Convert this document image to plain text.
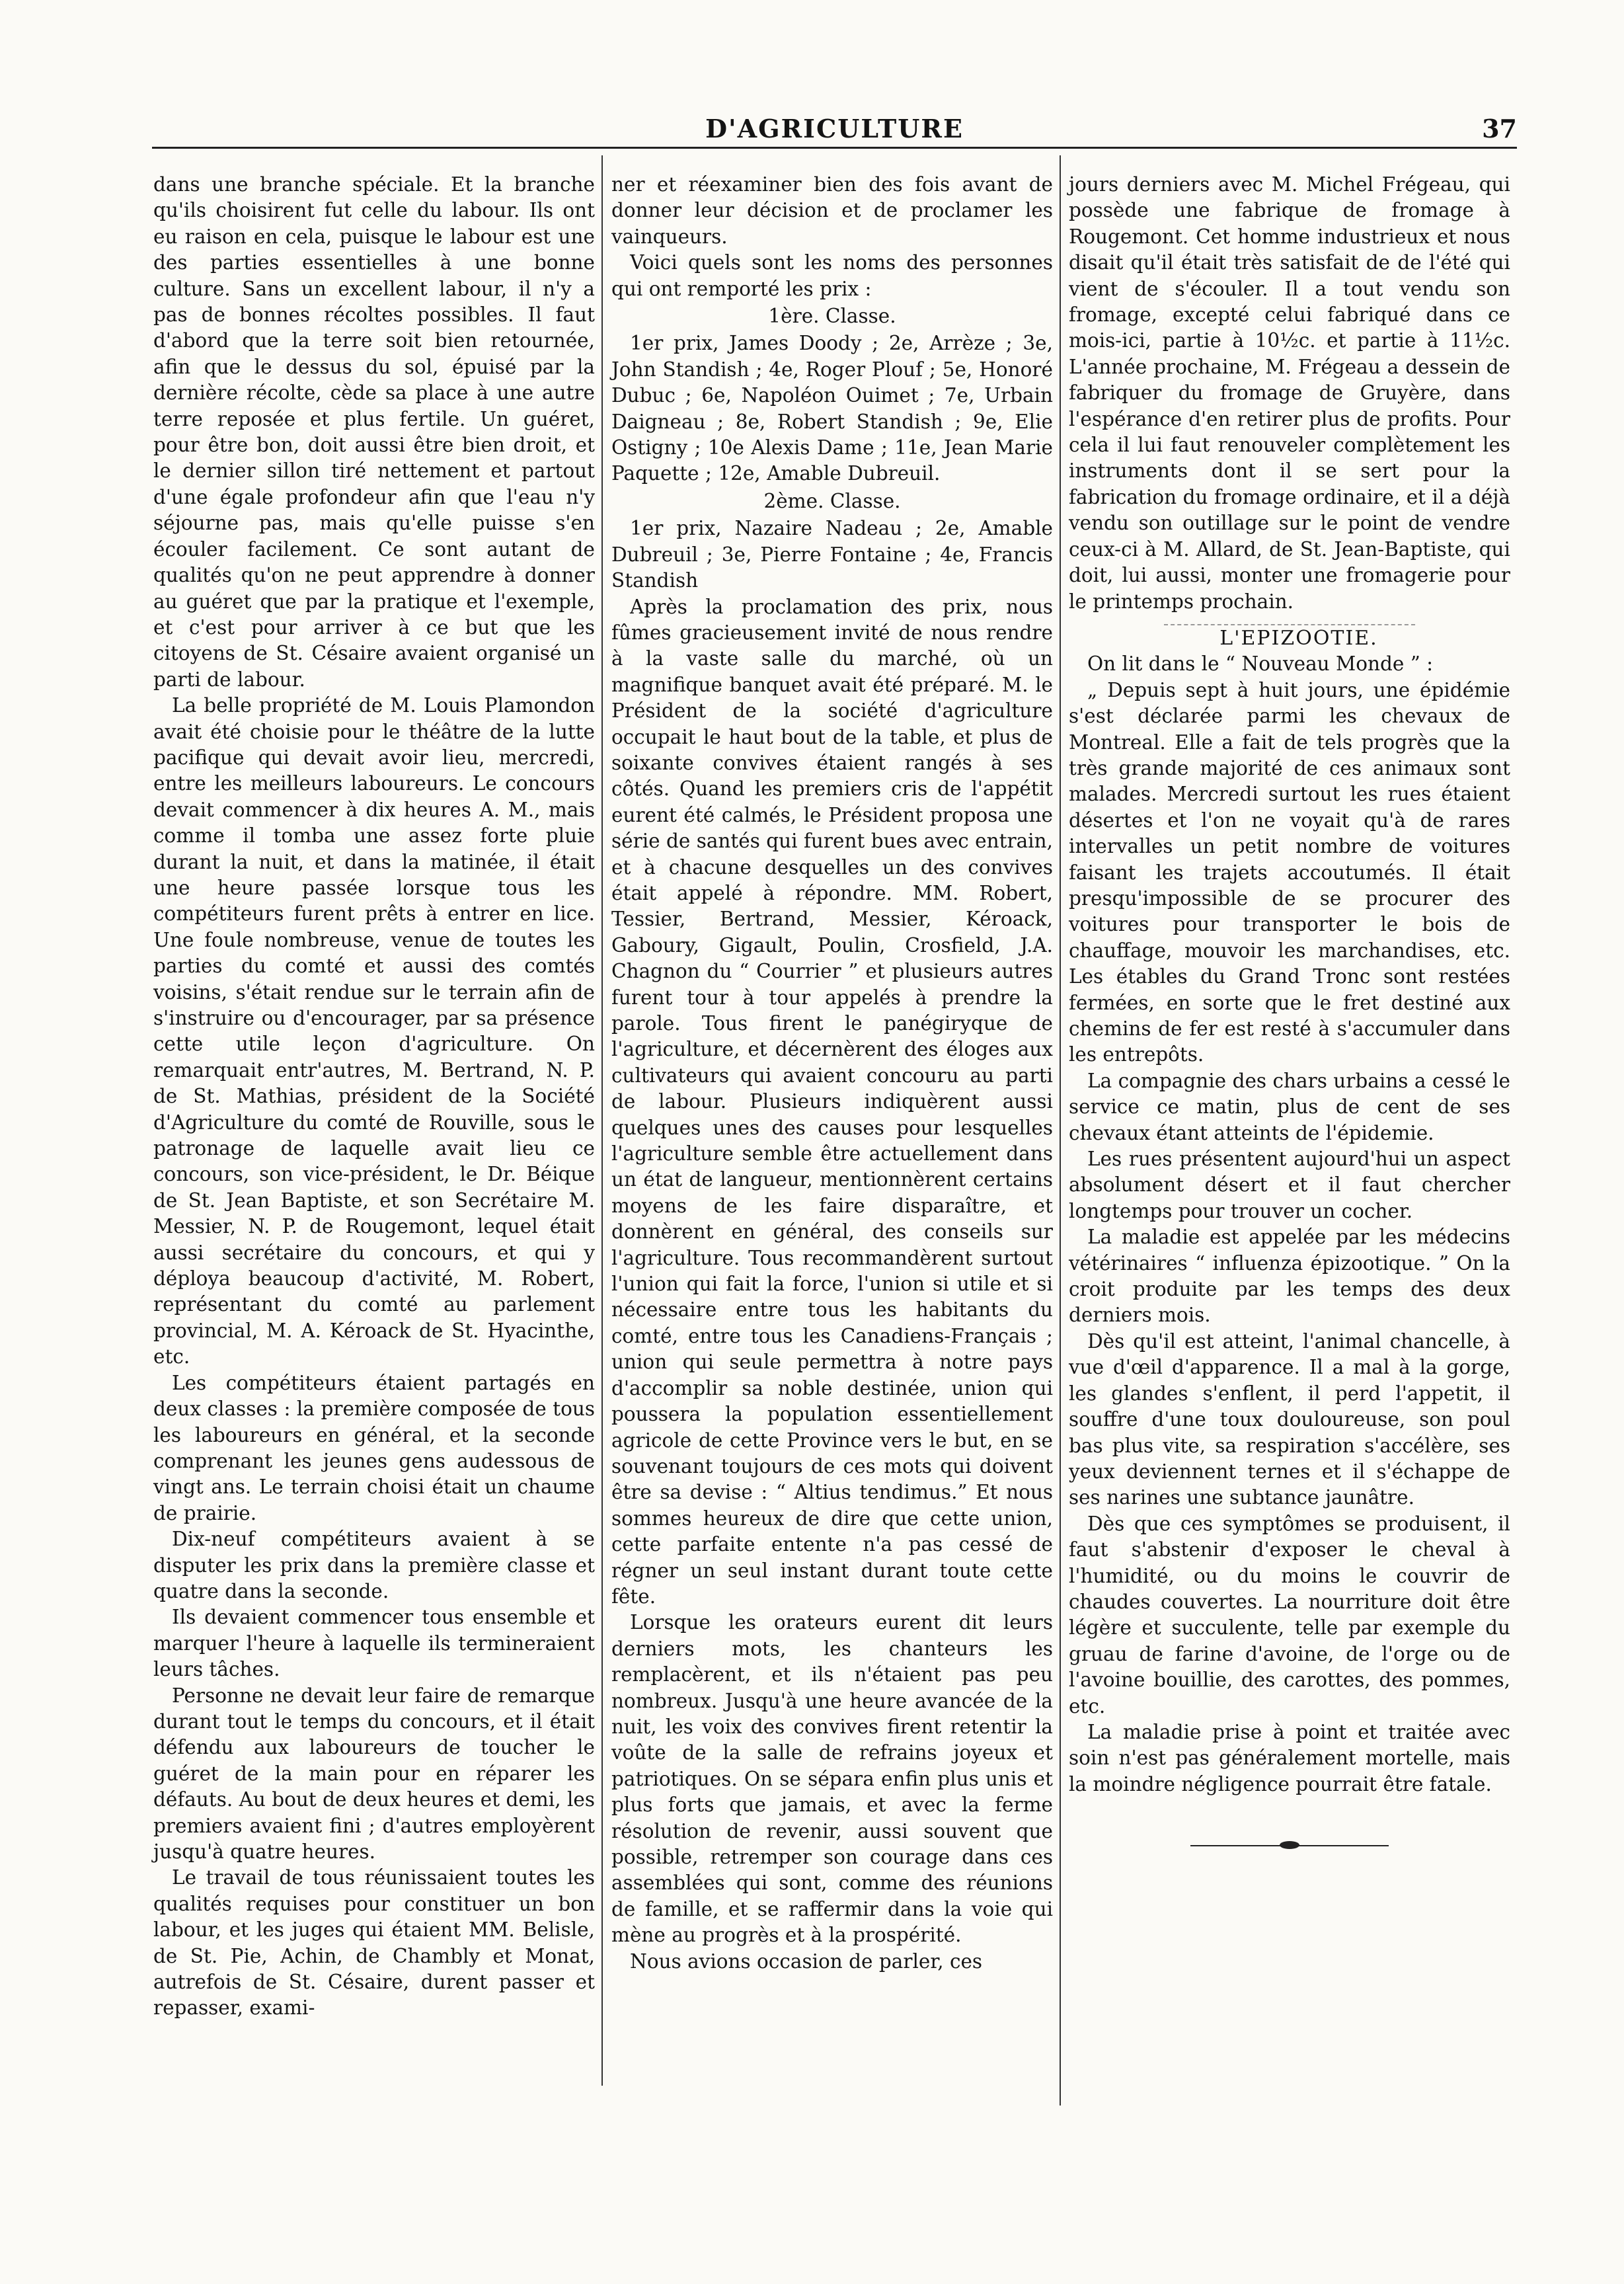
D'AGRICULTURE	37

dans une branche spéciale. Et la branche qu'ils choisirent fut celle du labour. Ils ont eu raison en cela, puisque le labour est une des parties essentielles à une bonne culture. Sans un excellent labour, il n'y a pas de bonnes récoltes possibles. Il faut d'abord que la terre soit bien retournée, afin que le dessus du sol, épuisé par la dernière récolte, cède sa place à une autre terre reposée et plus fertile. Un guéret, pour être bon, doit aussi être bien droit, et le dernier sillon tiré nettement et partout d'une égale profondeur afin que l'eau n'y séjourne pas, mais qu'elle puisse s'en écouler facilement. Ce sont autant de qualités qu'on ne peut apprendre à donner au guéret que par la pratique et l'exemple, et c'est pour arriver à ce but que les citoyens de St. Césaire avaient organisé un parti de labour.

La belle propriété de M. Louis Plamondon avait été choisie pour le théâtre de la lutte pacifique qui devait avoir lieu, mercredi, entre les meilleurs laboureurs. Le concours devait commencer à dix heures A. M., mais comme il tomba une assez forte pluie durant la nuit, et dans la matinée, il était une heure passée lorsque tous les compétiteurs furent prêts à entrer en lice. Une foule nombreuse, venue de toutes les parties du comté et aussi des comtés voisins, s'était rendue sur le terrain afin de s'instruire ou d'encourager, par sa présence cette utile leçon d'agriculture. On remarquait entr'autres, M. Bertrand, N. P. de St. Mathias, président de la Société d'Agriculture du comté de Rouville, sous le patronage de laquelle avait lieu ce concours, son vice-président, le Dr. Béique de St. Jean Baptiste, et son Secrétaire M. Messier, N. P. de Rougemont, lequel était aussi secrétaire du concours, et qui y déploya beaucoup d'activité, M. Robert, représentant du comté au parlement provincial, M. A. Kéroack de St. Hyacinthe, etc.

Les compétiteurs étaient partagés en deux classes : la première composée de tous les laboureurs en général, et la seconde comprenant les jeunes gens audessous de vingt ans. Le terrain choisi était un chaume de prairie.

Dix-neuf compétiteurs avaient à se disputer les prix dans la première classe et quatre dans la seconde.

Ils devaient commencer tous ensemble et marquer l'heure à laquelle ils termineraient leurs tâches.

Personne ne devait leur faire de remarque durant tout le temps du concours, et il était défendu aux laboureurs de toucher le guéret de la main pour en réparer les défauts. Au bout de deux heures et demi, les premiers avaient fini ; d'autres employèrent jusqu'à quatre heures.

Le travail de tous réunissaient toutes les qualités requises pour constituer un bon labour, et les juges qui étaient MM. Belisle, de St. Pie, Achin, de Chambly et Monat, autrefois de St. Césaire, durent passer et repasser, exami-

ner et réexaminer bien des fois avant de donner leur décision et de proclamer les vainqueurs.

Voici quels sont les noms des personnes qui ont remporté les prix :

1ère. Classe.

1er prix, James Doody ; 2e, Arrèze ; 3e, John Standish ; 4e, Roger Plouf ; 5e, Honoré Dubuc ; 6e, Napoléon Ouimet ; 7e, Urbain Daigneau ; 8e, Robert Standish ; 9e, Elie Ostigny ; 10e Alexis Dame ; 11e, Jean Marie Paquette ; 12e, Amable Dubreuil.

2ème. Classe.

1er prix, Nazaire Nadeau ; 2e, Amable Dubreuil ; 3e, Pierre Fontaine ; 4e, Francis Standish

Après la proclamation des prix, nous fûmes gracieusement invité de nous rendre à la vaste salle du marché, où un magnifique banquet avait été préparé. M. le Président de la société d'agriculture occupait le haut bout de la table, et plus de soixante convives étaient rangés à ses côtés. Quand les premiers cris de l'appétit eurent été calmés, le Président proposa une série de santés qui furent bues avec entrain, et à chacune desquelles un des convives était appelé à répondre. MM. Robert, Tessier, Bertrand, Messier, Kéroack, Gaboury, Gigault, Poulin, Crosfield, J.A. Chagnon du “ Courrier ” et plusieurs autres furent tour à tour appelés à prendre la parole. Tous firent le panégiryque de l'agriculture, et décernèrent des éloges aux cultivateurs qui avaient concouru au parti de labour. Plusieurs indiquèrent aussi quelques unes des causes pour lesquelles l'agriculture semble être actuellement dans un état de langueur, mentionnèrent certains moyens de les faire disparaître, et donnèrent en général, des conseils sur l'agriculture. Tous recommandèrent surtout l'union qui fait la force, l'union si utile et si nécessaire entre tous les habitants du comté, entre tous les Canadiens-Français ; union qui seule permettra à notre pays d'accomplir sa noble destinée, union qui poussera la population essentiellement agricole de cette Province vers le but, en se souvenant toujours de ces mots qui doivent être sa devise : “ Altius tendimus.” Et nous sommes heureux de dire que cette union, cette parfaite entente n'a pas cessé de régner un seul instant durant toute cette fête.

Lorsque les orateurs eurent dit leurs derniers mots, les chanteurs les remplacèrent, et ils n'étaient pas peu nombreux. Jusqu'à une heure avancée de la nuit, les voix des convives firent retentir la voûte de la salle de refrains joyeux et patriotiques. On se sépara enfin plus unis et plus forts que jamais, et avec la ferme résolution de revenir, aussi souvent que possible, retremper son courage dans ces assemblées qui sont, comme des réunions de famille, et se raffermir dans la voie qui mène au progrès et à la prospérité.

Nous avions occasion de parler, ces

jours derniers avec M. Michel Frégeau, qui possède une fabrique de fromage à Rougemont. Cet homme industrieux et nous disait qu'il était très satisfait de de l'été qui vient de s'écouler. Il a tout vendu son fromage, excepté celui fabriqué dans ce mois-ici, partie à 10½c. et partie à 11½c. L'année prochaine, M. Frégeau a dessein de fabriquer du fromage de Gruyère, dans l'espérance d'en retirer plus de profits. Pour cela il lui faut renouveler complètement les instruments dont il se sert pour la fabrication du fromage ordinaire, et il a déjà vendu son outillage sur le point de vendre ceux-ci à M. Allard, de St. Jean-Baptiste, qui doit, lui aussi, monter une fromagerie pour le printemps prochain.

L'EPIZOOTIE.

On lit dans le “ Nouveau Monde ” :

„ Depuis sept à huit jours, une épidémie s'est déclarée parmi les chevaux de Montreal. Elle a fait de tels progrès que la très grande majorité de ces animaux sont malades. Mercredi surtout les rues étaient désertes et l'on ne voyait qu'à de rares intervalles un petit nombre de voitures faisant les trajets accoutumés. Il était presqu'impossible de se procurer des voitures pour transporter le bois de chauffage, mouvoir les marchandises, etc. Les étables du Grand Tronc sont restées fermées, en sorte que le fret destiné aux chemins de fer est resté à s'accumuler dans les entrepôts.

La compagnie des chars urbains a cessé le service ce matin, plus de cent de ses chevaux étant atteints de l'épidemie.

Les rues présentent aujourd'hui un aspect absolument désert et il faut chercher longtemps pour trouver un cocher.

La maladie est appelée par les médecins vétérinaires “ influenza épizootique. ” On la croit produite par les temps des deux derniers mois.

Dès qu'il est atteint, l'animal chancelle, à vue d'œil d'apparence. Il a mal à la gorge, les glandes s'enflent, il perd l'appetit, il souffre d'une toux douloureuse, son poul bas plus vite, sa respiration s'accélère, ses yeux deviennent ternes et il s'échappe de ses narines une subtance jaunâtre.

Dès que ces symptômes se produisent, il faut s'abstenir d'exposer le cheval à l'humidité, ou du moins le couvrir de chaudes couvertes. La nourriture doit être légère et succulente, telle par exemple du gruau de farine d'avoine, de l'orge ou de l'avoine bouillie, des carottes, des pommes, etc.

La maladie prise à point et traitée avec soin n'est pas généralement mortelle, mais la moindre négligence pourrait être fatale.
